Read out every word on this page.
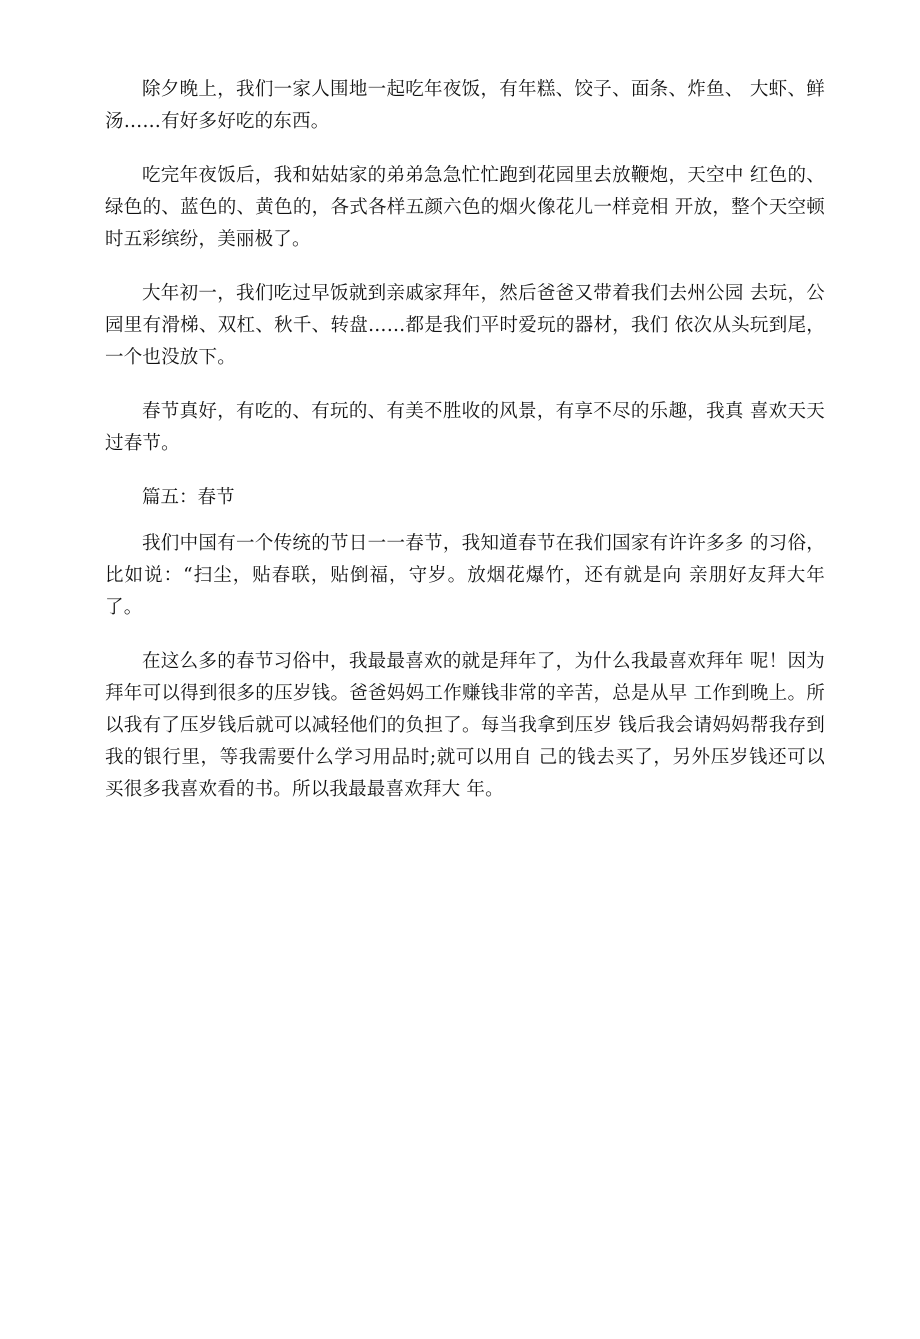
除夕晚上，我们一家人围地一起吃年夜饭，有年糕、饺子、面条、炸鱼、 大虾、鲜汤……有好多好吃的东西。

吃完年夜饭后，我和姑姑家的弟弟急急忙忙跑到花园里去放鞭炮，天空中 红色的、绿色的、蓝色的、黄色的，各式各样五颜六色的烟火像花儿一样竞相 开放，整个天空顿时五彩缤纷，美丽极了。

大年初一，我们吃过早饭就到亲戚家拜年，然后爸爸又带着我们去州公园 去玩，公园里有滑梯、双杠、秋千、转盘……都是我们平时爱玩的器材，我们 依次从头玩到尾，一个也没放下。

春节真好，有吃的、有玩的、有美不胜收的风景，有享不尽的乐趣，我真 喜欢天天过春节。

篇五：春节

我们中国有一个传统的节日一一春节，我知道春节在我们国家有许许多多 的习俗，比如说：“扫尘，贴春联，贴倒福，守岁。放烟花爆竹，还有就是向 亲朋好友拜大年了。

在这么多的春节习俗中，我最最喜欢的就是拜年了，为什么我最喜欢拜年 呢！因为拜年可以得到很多的压岁钱。爸爸妈妈工作赚钱非常的辛苦，总是从早 工作到晚上。所以我有了压岁钱后就可以减轻他们的负担了。每当我拿到压岁 钱后我会请妈妈帮我存到我的银行里，等我需要什么学习用品时;就可以用自 己的钱去买了，另外压岁钱还可以买很多我喜欢看的书。所以我最最喜欢拜大 年。
